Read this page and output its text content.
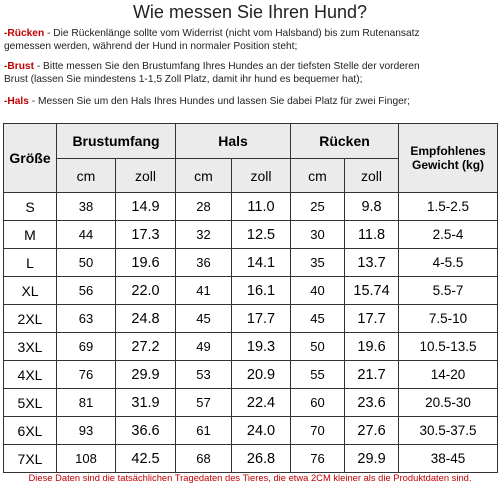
Wie messen Sie Ihren Hund?
-Rücken - Die Rückenlänge sollte vom Widerrist (nicht vom Halsband) bis zum Rutenansatz
gemessen werden, während der Hund in normaler Position steht;
-Brust - Bitte messen Sie den Brustumfang Ihres Hundes an der tiefsten Stelle der vorderen
Brust (lassen Sie mindestens 1-1,5 Zoll Platz, damit ihr hund es bequemer hat);
-Hals - Messen Sie um den Hals Ihres Hundes und lassen Sie dabei Platz für zwei Finger;
Größe	Brustumfang		Hals		Rücken		Empfohlenes Gewicht (kg)
	cm	zoll	cm	zoll	cm	zoll	
S	38	14.9	28	11.0	25	9.8	1.5-2.5
M	44	17.3	32	12.5	30	11.8	2.5-4
L	50	19.6	36	14.1	35	13.7	4-5.5
XL	56	22.0	41	16.1	40	15.74	5.5-7
2XL	63	24.8	45	17.7	45	17.7	7.5-10
3XL	69	27.2	49	19.3	50	19.6	10.5-13.5
4XL	76	29.9	53	20.9	55	21.7	14-20
5XL	81	31.9	57	22.4	60	23.6	20.5-30
6XL	93	36.6	61	24.0	70	27.6	30.5-37.5
7XL	108	42.5	68	26.8	76	29.9	38-45
Diese Daten sind die tatsächlichen Tragedaten des Tieres, die etwa 2CM kleiner als die Produktdaten sind.
